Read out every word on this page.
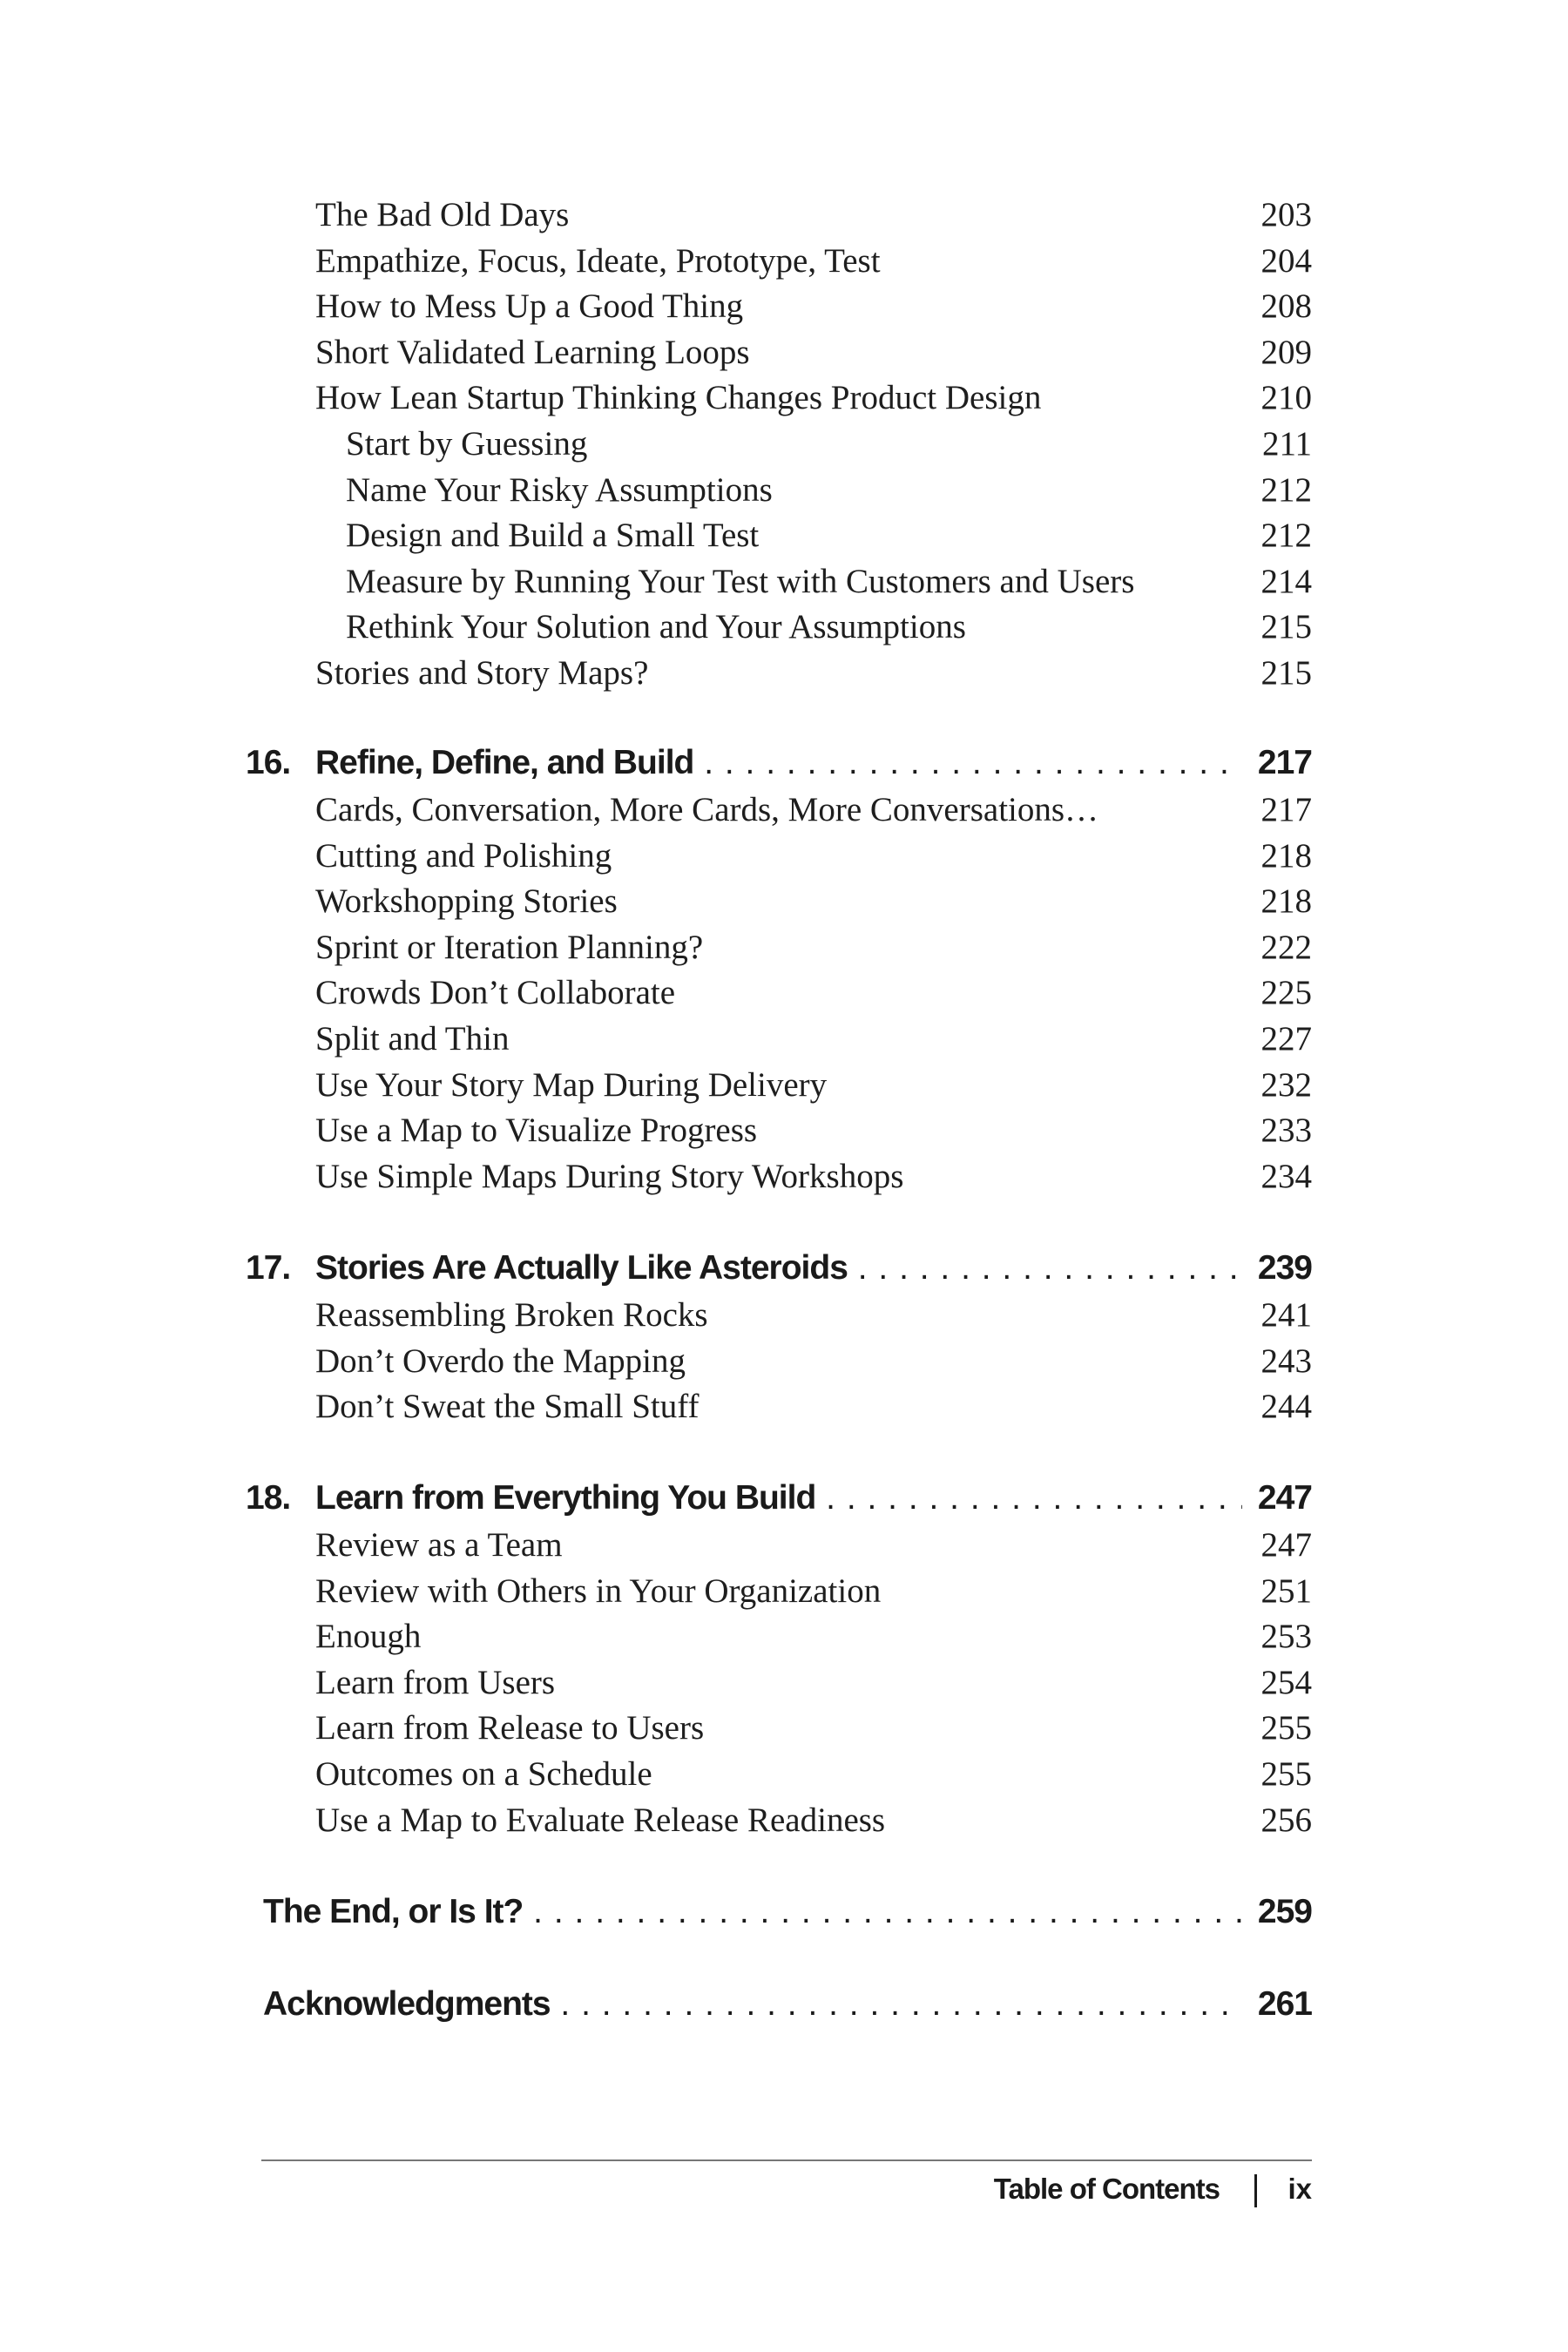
The Bad Old Days	203
Empathize, Focus, Ideate, Prototype, Test	204
How to Mess Up a Good Thing	208
Short Validated Learning Loops	209
How Lean Startup Thinking Changes Product Design	210
Start by Guessing	211
Name Your Risky Assumptions	212
Design and Build a Small Test	212
Measure by Running Your Test with Customers and Users	214
Rethink Your Solution and Your Assumptions	215
Stories and Story Maps?	215
16. Refine, Define, and Build . . .	217
Cards, Conversation, More Cards, More Conversations…	217
Cutting and Polishing	218
Workshopping Stories	218
Sprint or Iteration Planning?	222
Crowds Don’t Collaborate	225
Split and Thin	227
Use Your Story Map During Delivery	232
Use a Map to Visualize Progress	233
Use Simple Maps During Story Workshops	234
17. Stories Are Actually Like Asteroids . . .	239
Reassembling Broken Rocks	241
Don’t Overdo the Mapping	243
Don’t Sweat the Small Stuff	244
18. Learn from Everything You Build . . .	247
Review as a Team	247
Review with Others in Your Organization	251
Enough	253
Learn from Users	254
Learn from Release to Users	255
Outcomes on a Schedule	255
Use a Map to Evaluate Release Readiness	256
The End, or Is It? . . .	259
Acknowledgments . . .	261
Table of Contents ix
